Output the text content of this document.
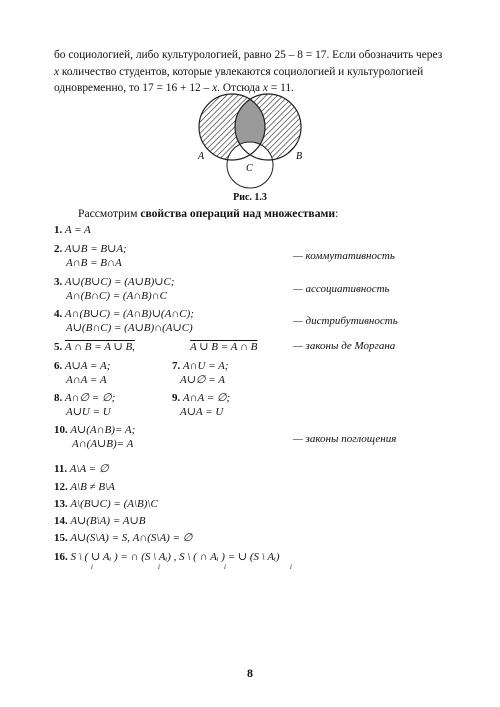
бо социологией, либо культурологией, равно 25 – 8 = 17. Если обозначить через
x количество студентов, которые увлекаются социологией и культурологией
одновременно, то 17 = 16 + 12 – x. Отсюда x = 11.
A	B
C
Рис. 1.3
Рассмотрим свойства операций над множествами:
1. A = A
2. A∪B = B∪A;
A∩B = B∩A
— коммутативность
3. A∪(B∪C) = (A∪B)∪C;
A∩(B∩C) = (A∩B)∩C
— ассоциативность
4. A∩(B∪C) = (A∩B)∪(A∩C);
A∪(B∩C) = (A∪B)∩(A∪C)
— дистрибутивность
5. A ∩ B = A ∪ B,	A ∪ B = A ∩ B	— законы де Моргана
6. A∪A = A;
A∩A = A
7. A∩U = A;
A∪∅ = A
8. A∩∅ = ∅;
A∪U = U
9. A∩A = ∅;
A∪A = U
10. A∪(A∩B)= A;
A∩(A∪B)= A	— законы поглощения
11. A\A = ∅
12. A\B ≠ B\A
13. A\(B∪C) = (A\B)\C
14. A∪(B\A) = A∪B
15. A∪(S\A) = S, A∩(S\A) = ∅
16. S \ ( ∪ Aᵢ ) = ∩ (S \ Aᵢ) , S \ ( ∩ Aᵢ ) = ∪ (S \ Aᵢ)
i	i	i	i
8
